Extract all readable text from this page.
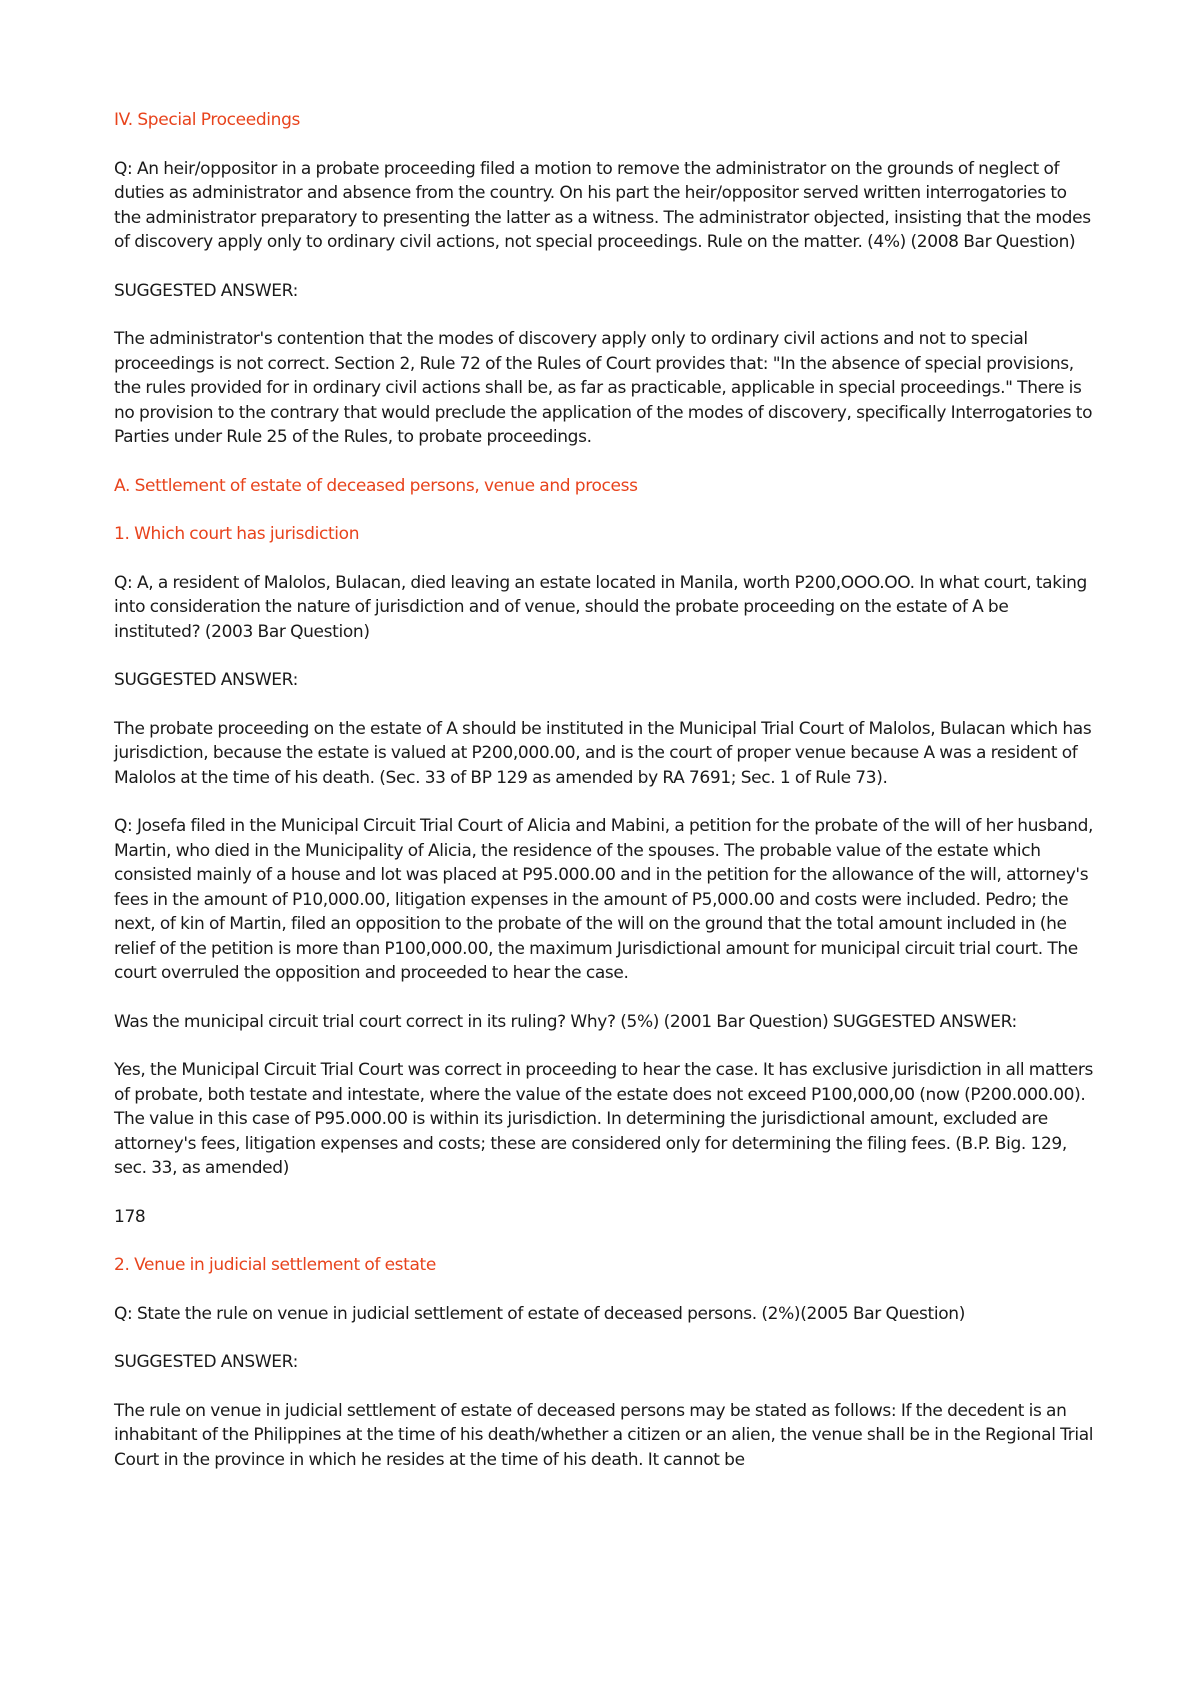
IV. Special Proceedings

Q: An heir/oppositor in a probate proceeding filed a motion to remove the administrator on the grounds of neglect of duties as administrator and absence from the country. On his part the heir/oppositor served written interrogatories to the administrator preparatory to presenting the latter as a witness. The administrator objected, insisting that the modes of discovery apply only to ordinary civil actions, not special proceedings. Rule on the matter. (4%) (2008 Bar Question)

SUGGESTED ANSWER:

The administrator's contention that the modes of discovery apply only to ordinary civil actions and not to special proceedings is not correct. Section 2, Rule 72 of the Rules of Court provides that: "In the absence of special provisions, the rules provided for in ordinary civil actions shall be, as far as practicable, applicable in special proceedings." There is no provision to the contrary that would preclude the application of the modes of discovery, specifically Interrogatories to Parties under Rule 25 of the Rules, to probate proceedings.

A. Settlement of estate of deceased persons, venue and process

1. Which court has jurisdiction

Q: A, a resident of Malolos, Bulacan, died leaving an estate located in Manila, worth P200,OOO.OO. In what court, taking into consideration the nature of jurisdiction and of venue, should the probate proceeding on the estate of A be instituted? (2003 Bar Question)

SUGGESTED ANSWER:

The probate proceeding on the estate of A should be instituted in the Municipal Trial Court of Malolos, Bulacan which has jurisdiction, because the estate is valued at P200,000.00, and is the court of proper venue because A was a resident of Malolos at the time of his death. (Sec. 33 of BP 129 as amended by RA 7691; Sec. 1 of Rule 73).

Q: Josefa filed in the Municipal Circuit Trial Court of Alicia and Mabini, a petition for the probate of the will of her husband, Martin, who died in the Municipality of Alicia, the residence of the spouses. The probable value of the estate which consisted mainly of a house and lot was placed at P95.000.00 and in the petition for the allowance of the will, attorney's fees in the amount of P10,000.00, litigation expenses in the amount of P5,000.00 and costs were included. Pedro; the next, of kin of Martin, filed an opposition to the probate of the will on the ground that the total amount included in (he relief of the petition is more than P100,000.00, the maximum Jurisdictional amount for municipal circuit trial court. The court overruled the opposition and proceeded to hear the case.

Was the municipal circuit trial court correct in its ruling? Why? (5%) (2001 Bar Question) SUGGESTED ANSWER:

Yes, the Municipal Circuit Trial Court was correct in proceeding to hear the case. It has exclusive jurisdiction in all matters of probate, both testate and intestate, where the value of the estate does not exceed P100,000,00 (now (P200.000.00). The value in this case of P95.000.00 is within its jurisdiction. In determining the jurisdictional amount, excluded are attorney's fees, litigation expenses and costs; these are considered only for determining the filing fees. (B.P. Big. 129, sec. 33, as amended)

178

2. Venue in judicial settlement of estate

Q: State the rule on venue in judicial settlement of estate of deceased persons. (2%)(2005 Bar Question)

SUGGESTED ANSWER:

The rule on venue in judicial settlement of estate of deceased persons may be stated as follows: If the decedent is an inhabitant of the Philippines at the time of his death/whether a citizen or an alien, the venue shall be in the Regional Trial Court in the province in which he resides at the time of his death. It cannot be
